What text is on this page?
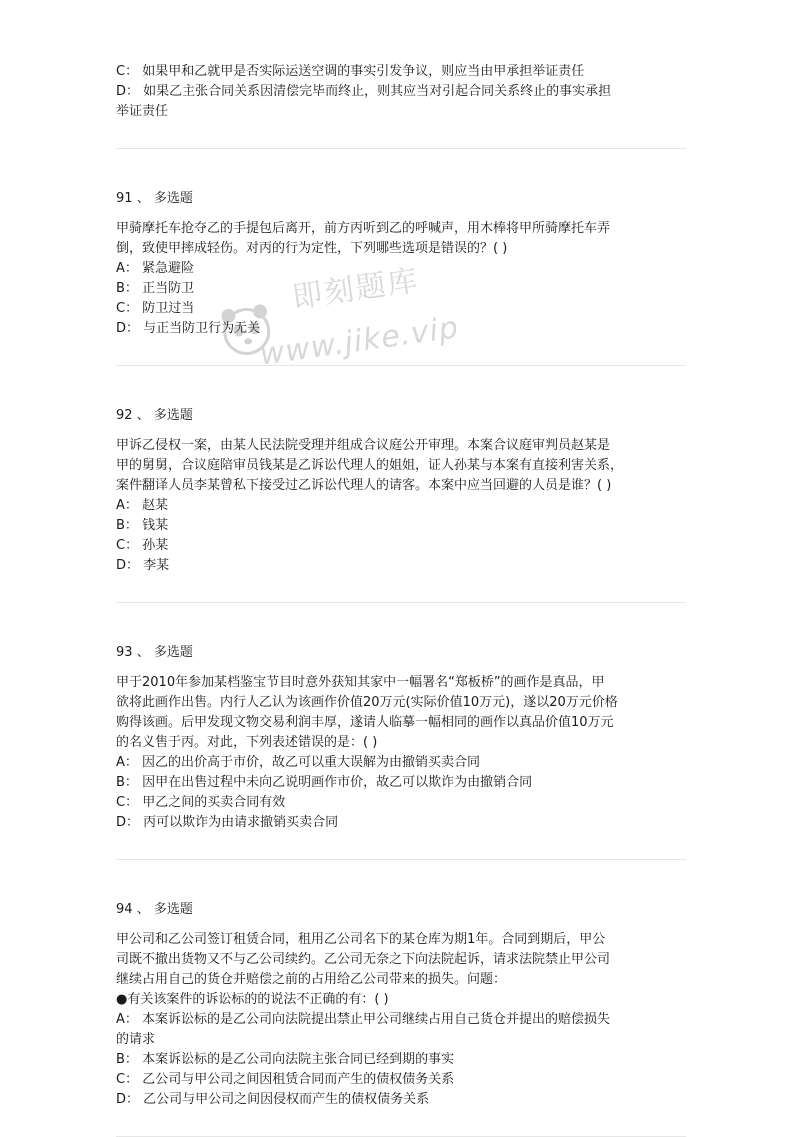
C： 如果甲和乙就甲是否实际运送空调的事实引发争议，则应当由甲承担举证责任
D： 如果乙主张合同关系因清偿完毕而终止，则其应当对引起合同关系终止的事实承担
举证责任
91 、 多选题
甲骑摩托车抢夺乙的手提包后离开，前方丙听到乙的呼喊声，用木棒将甲所骑摩托车弄
倒，致使甲摔成轻伤。对丙的行为定性，下列哪些选项是错误的？( )
A： 紧急避险
B： 正当防卫
C： 防卫过当
D： 与正当防卫行为无关
92 、 多选题
甲诉乙侵权一案，由某人民法院受理并组成合议庭公开审理。本案合议庭审判员赵某是
甲的舅舅，合议庭陪审员钱某是乙诉讼代理人的姐姐，证人孙某与本案有直接利害关系，
案件翻译人员李某曾私下接受过乙诉讼代理人的请客。本案中应当回避的人员是谁？( )
A： 赵某
B： 钱某
C： 孙某
D： 李某
93 、 多选题
甲于2010年参加某档鉴宝节目时意外获知其家中一幅署名“郑板桥”的画作是真品，甲
欲将此画作出售。内行人乙认为该画作价值20万元(实际价值10万元)，遂以20万元价格
购得该画。后甲发现文物交易利润丰厚，遂请人临摹一幅相同的画作以真品价值10万元
的名义售于丙。对此，下列表述错误的是：( )
A： 因乙的出价高于市价，故乙可以重大误解为由撤销买卖合同
B： 因甲在出售过程中未向乙说明画作市价，故乙可以欺诈为由撤销合同
C： 甲乙之间的买卖合同有效
D： 丙可以欺诈为由请求撤销买卖合同
94 、 多选题
甲公司和乙公司签订租赁合同，租用乙公司名下的某仓库为期1年。合同到期后，甲公
司既不撤出货物又不与乙公司续约。乙公司无奈之下向法院起诉，请求法院禁止甲公司
继续占用自己的货仓并赔偿之前的占用给乙公司带来的损失。问题：
●有关该案件的诉讼标的的说法不正确的有：( )
A： 本案诉讼标的是乙公司向法院提出禁止甲公司继续占用自己货仓并提出的赔偿损失
的请求
B： 本案诉讼标的是乙公司向法院主张合同已经到期的事实
C： 乙公司与甲公司之间因租赁合同而产生的债权债务关系
D： 乙公司与甲公司之间因侵权而产生的债权债务关系
即刻题库
www.jike.vip
